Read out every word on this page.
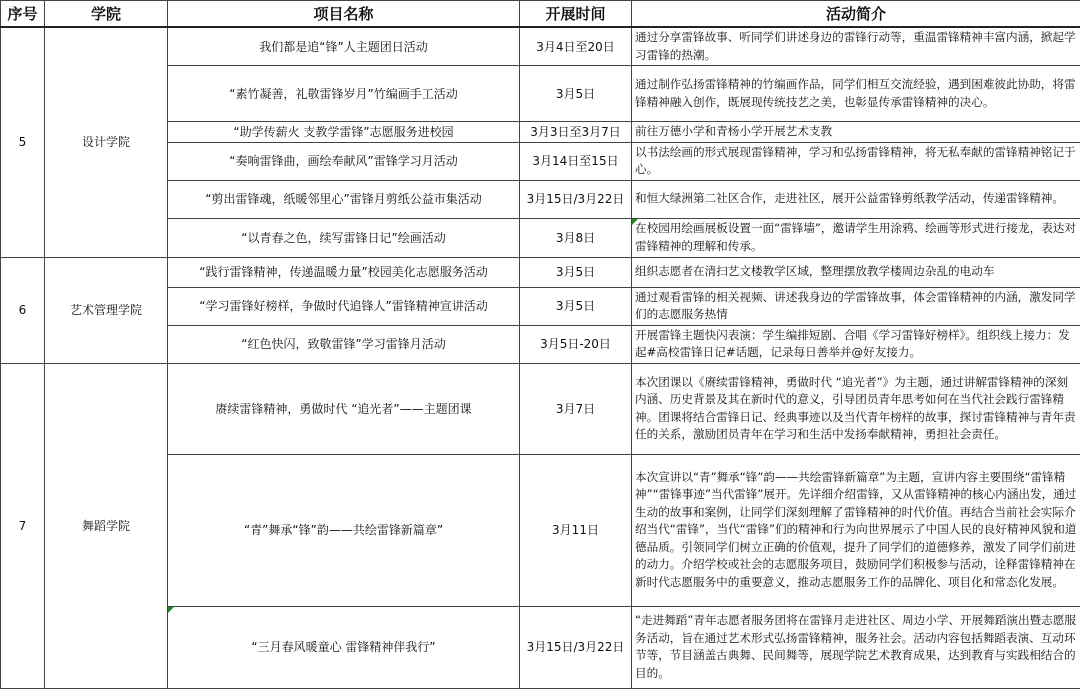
序号	学院	项目名称	开展时间	活动简介
5	设计学院	我们都是追“锋”人主题团日活动	3月4日至20日	通过分享雷锋故事、听同学们讲述身边的雷锋行动等，重温雷锋精神丰富内涵，掀起学习雷锋的热潮。
		“素竹凝善，礼敬雷锋岁月”竹编画手工活动	3月5日	通过制作弘扬雷锋精神的竹编画作品，同学们相互交流经验，遇到困难彼此协助，将雷锋精神融入创作，既展现传统技艺之美，也彰显传承雷锋精神的决心。
		“助学传薪火 支教学雷锋”志愿服务进校园	3月3日至3月7日	前往万德小学和青杨小学开展艺术支教
		“奏响雷锋曲，画绘奉献风”雷锋学习月活动	3月14日至15日	以书法绘画的形式展现雷锋精神，学习和弘扬雷锋精神，将无私奉献的雷锋精神铭记于心。
		“剪出雷锋魂，纸暖邻里心”雷锋月剪纸公益市集活动	3月15日/3月22日	和恒大绿洲第二社区合作，走进社区，展开公益雷锋剪纸教学活动，传递雷锋精神。
		“以青春之色，续写雷锋日记”绘画活动	3月8日	在校园用绘画展板设置一面“雷锋墙”，邀请学生用涂鸦、绘画等形式进行接龙，表达对雷锋精神的理解和传承。
6	艺术管理学院	“践行雷锋精神，传递温暖力量”校园美化志愿服务活动	3月5日	组织志愿者在清扫艺文楼教学区域，整理摆放教学楼周边杂乱的电动车
		“学习雷锋好榜样，争做时代追锋人”雷锋精神宣讲活动	3月5日	通过观看雷锋的相关视频、讲述我身边的学雷锋故事，体会雷锋精神的内涵，激发同学们的志愿服务热情
		“红色快闪，致敬雷锋”学习雷锋月活动	3月5日-20日	开展雷锋主题快闪表演：学生编排短剧、合唱《学习雷锋好榜样》。组织线上接力：发起#高校雷锋日记#话题，记录每日善举并@好友接力。
7	舞蹈学院	赓续雷锋精神，勇做时代 “追光者”——主题团课	3月7日	本次团课以《赓续雷锋精神，勇做时代 “追光者”》为主题，通过讲解雷锋精神的深刻内涵、历史背景及其在新时代的意义，引导团员青年思考如何在当代社会践行雷锋精神。团课将结合雷锋日记、经典事迹以及当代青年榜样的故事，探讨雷锋精神与青年责任的关系，激励团员青年在学习和生活中发扬奉献精神，勇担社会责任。
		“青”舞承“锋”韵——共绘雷锋新篇章”	3月11日	本次宣讲以“青”舞承“锋”韵——共绘雷锋新篇章”为主题，宣讲内容主要围绕“雷锋精神”“雷锋事迹”当代雷锋”展开。先详细介绍雷锋，又从雷锋精神的核心内涵出发，通过生动的故事和案例，让同学们深刻理解了雷锋精神的时代价值。再结合当前社会实际介绍当代“雷锋”，当代“雷锋”们的精神和行为向世界展示了中国人民的良好精神风貌和道德品质。引领同学们树立正确的价值观，提升了同学们的道德修养，激发了同学们前进的动力。介绍学校或社会的志愿服务项目，鼓励同学们积极参与活动，诠释雷锋精神在新时代志愿服务中的重要意义，推动志愿服务工作的品牌化、项目化和常态化发展。
		“三月春风暖童心 雷锋精神伴我行”	3月15日/3月22日	“走进舞蹈”青年志愿者服务团将在雷锋月走进社区、周边小学、开展舞蹈演出暨志愿服务活动，旨在通过艺术形式弘扬雷锋精神，服务社会。活动内容包括舞蹈表演、互动环节等，节目涵盖古典舞、民间舞等，展现学院艺术教育成果，达到教育与实践相结合的目的。
